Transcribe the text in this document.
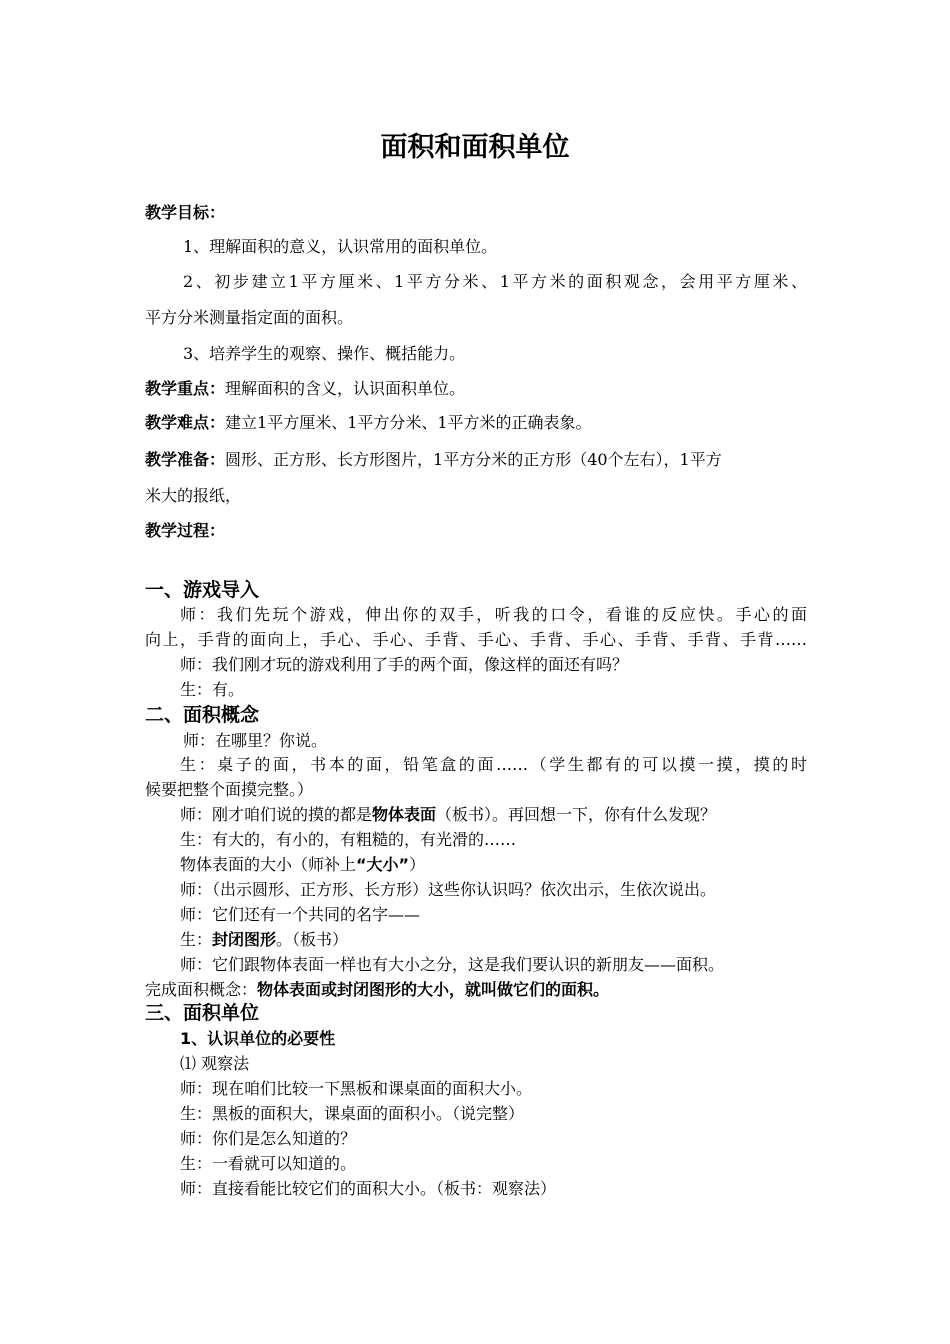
面积和面积单位
教学目标：
1、理解面积的意义，认识常用的面积单位。
2、初步建立1平方厘米、1平方分米、1平方米的面积观念，会用平方厘米、
平方分米测量指定面的面积。
3、培养学生的观察、操作、概括能力。
教学重点：理解面积的含义，认识面积单位。
教学难点：建立1平方厘米、1平方分米、1平方米的正确表象。
教学准备：圆形、正方形、长方形图片，1平方分米的正方形（40个左右），1平方
米大的报纸，
教学过程：
一、游戏导入
师：我们先玩个游戏，伸出你的双手，听我的口令，看谁的反应快。手心的面
向上，手背的面向上，手心、手心、手背、手心、手背、手心、手背、手背、手背……
师：我们刚才玩的游戏利用了手的两个面，像这样的面还有吗？
生：有。
二、面积概念
师：在哪里？你说。
生：桌子的面，书本的面，铅笔盒的面……（学生都有的可以摸一摸，摸的时
候要把整个面摸完整。）
师：刚才咱们说的摸的都是物体表面（板书）。再回想一下，你有什么发现？
生：有大的，有小的，有粗糙的，有光滑的……
物体表面的大小（师补上“大小”）
师：（出示圆形、正方形、长方形）这些你认识吗？依次出示，生依次说出。
师：它们还有一个共同的名字——
生：封闭图形。（板书）
师：它们跟物体表面一样也有大小之分，这是我们要认识的新朋友——面积。
完成面积概念：物体表面或封闭图形的大小，就叫做它们的面积。
三、面积单位
1、认识单位的必要性
⑴ 观察法
师：现在咱们比较一下黑板和课桌面的面积大小。
生：黑板的面积大，课桌面的面积小。（说完整）
师：你们是怎么知道的？
生：一看就可以知道的。
师：直接看能比较它们的面积大小。（板书：观察法）
